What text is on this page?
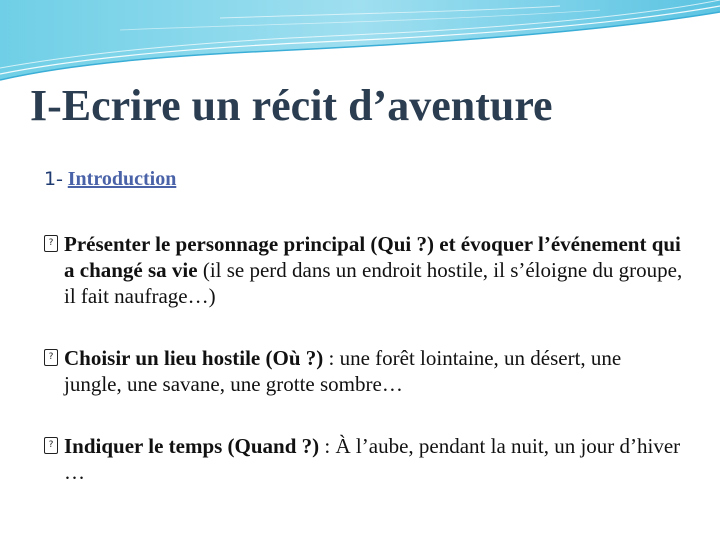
I-Ecrire un récit d’aventure
1- Introduction
? Présenter le personnage principal (Qui ?) et évoquer l’événement qui a changé sa vie (il se perd dans un endroit hostile, il s’éloigne du groupe, il fait naufrage…)
? Choisir un lieu hostile (Où ?) : une forêt lointaine, un désert, une jungle, une savane, une grotte sombre…
? Indiquer le temps (Quand ?) : À l’aube, pendant la nuit, un jour d’hiver …
